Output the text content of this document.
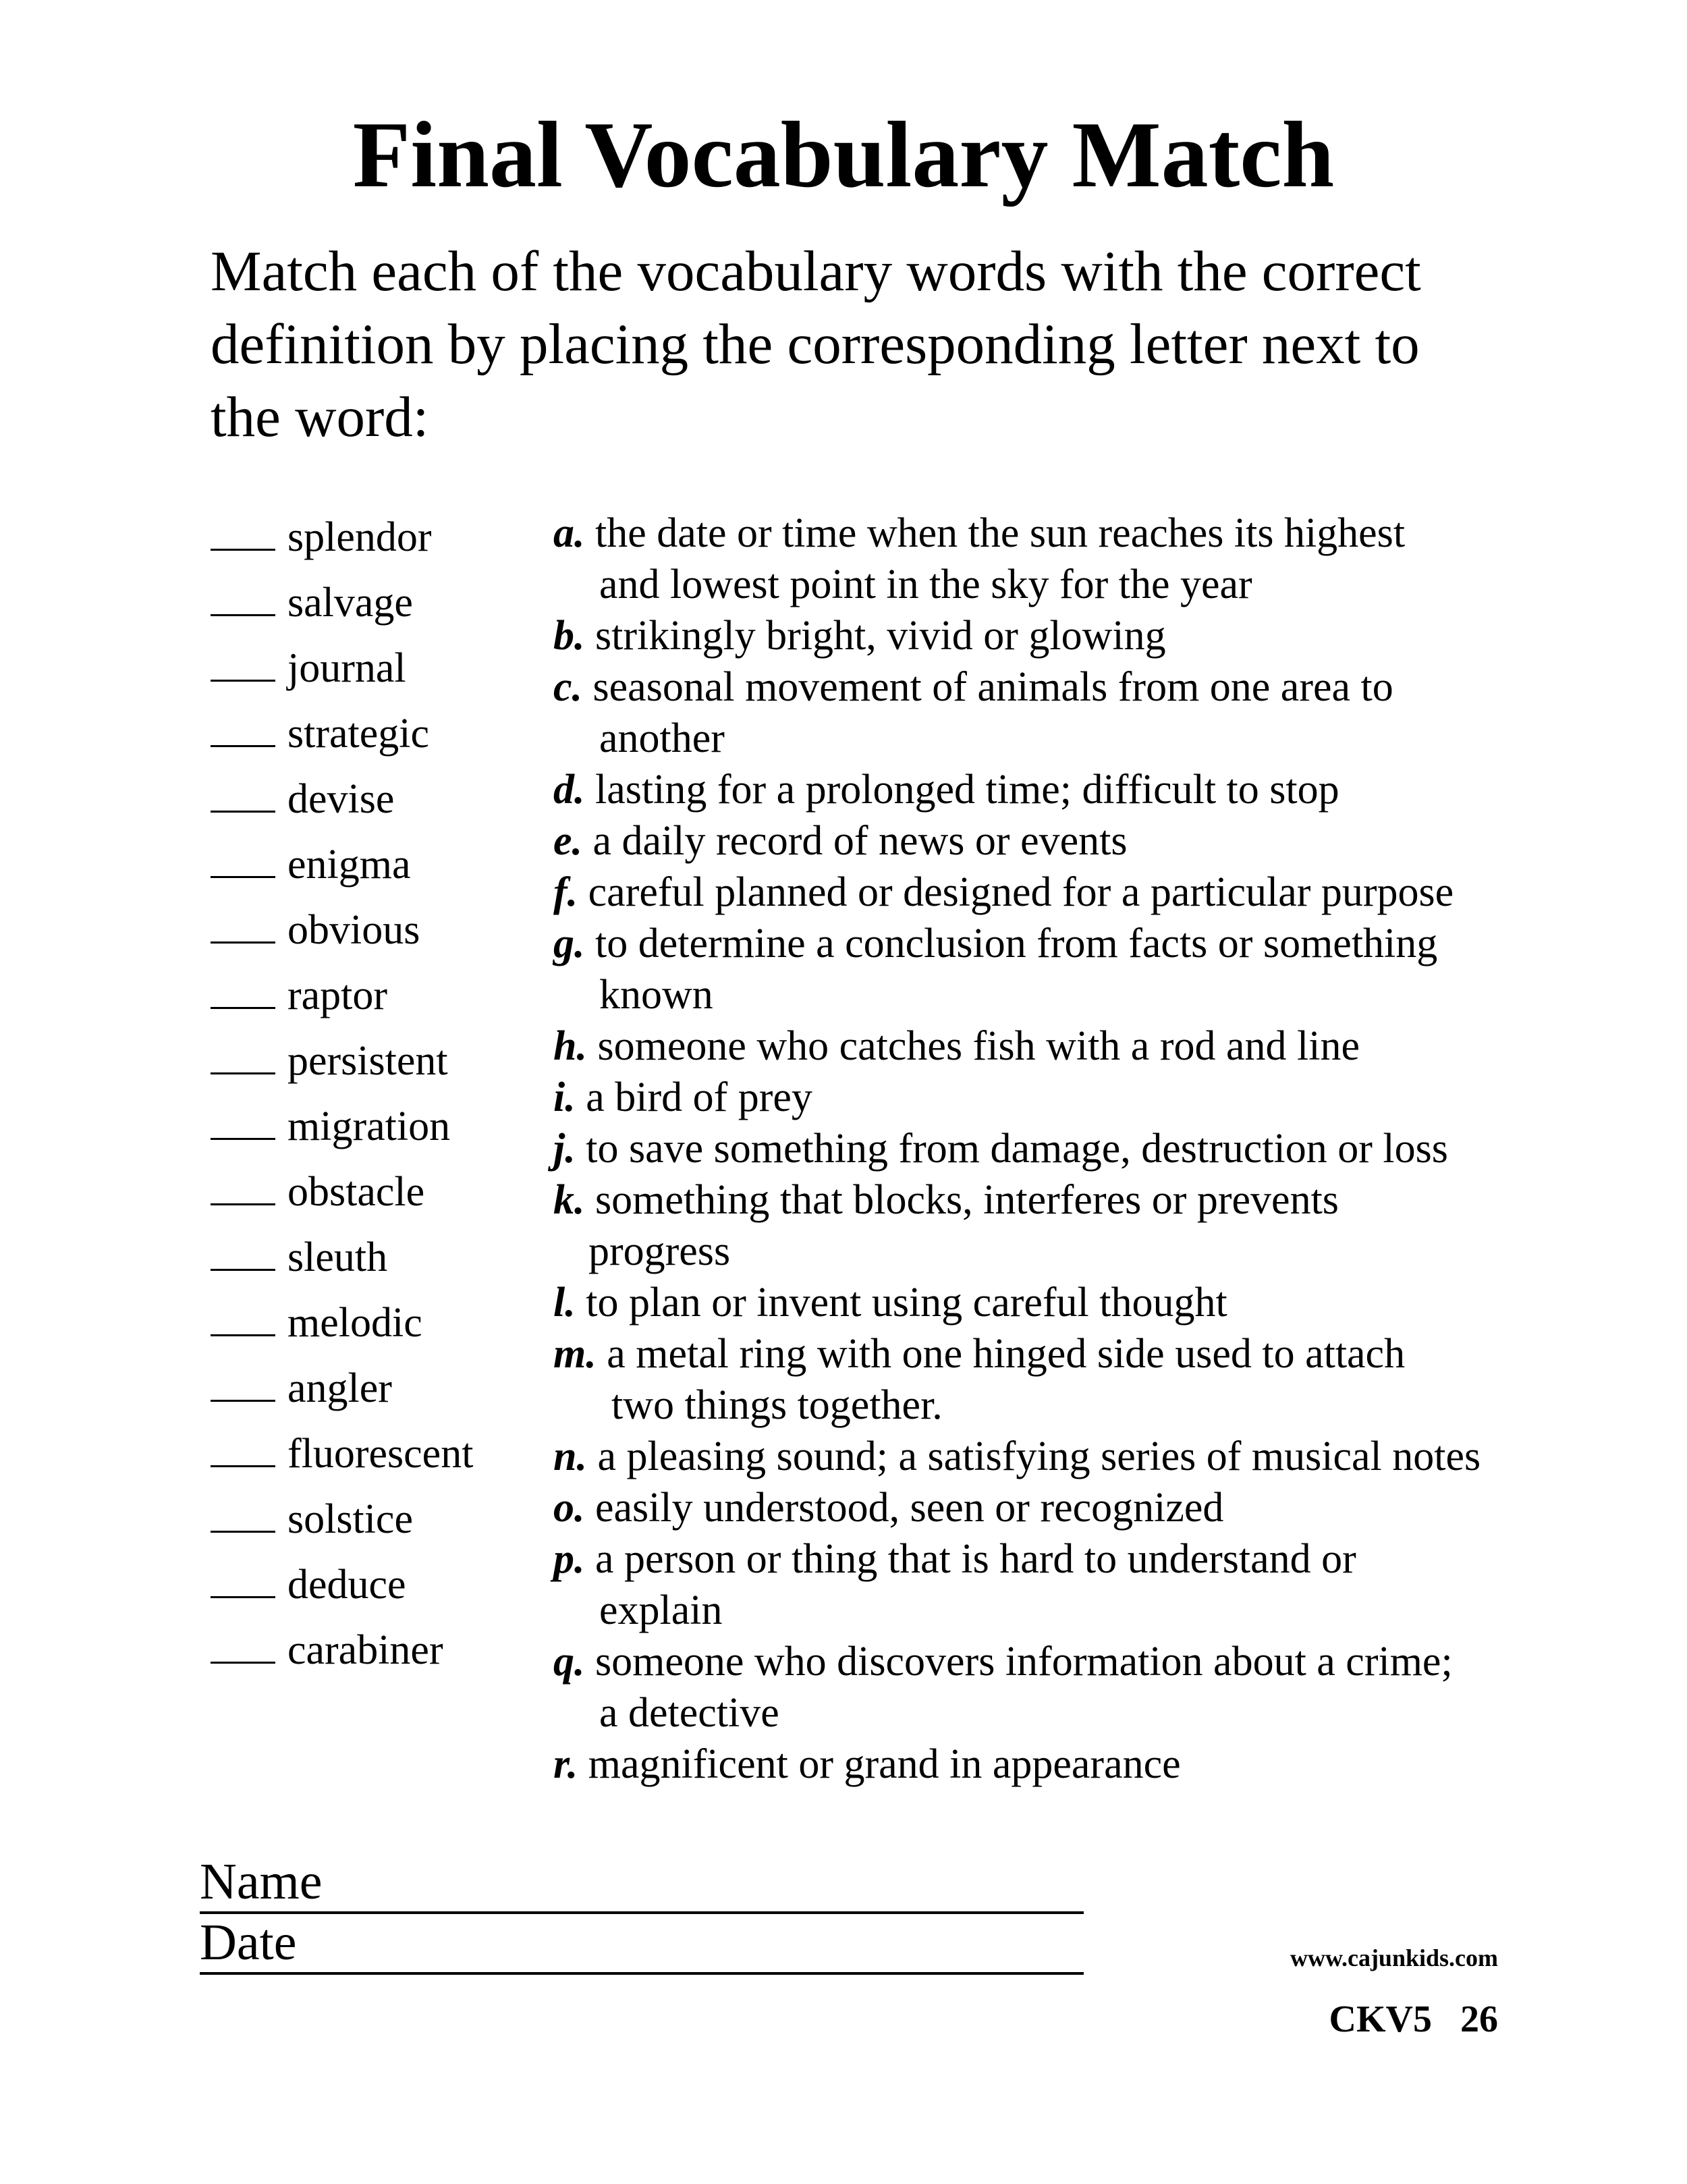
Final Vocabulary Match

Match each of the vocabulary words with the correct definition by placing the corresponding letter next to the word:

splendor
salvage
journal
strategic
devise
enigma
obvious
raptor
persistent
migration
obstacle
sleuth
melodic
angler
fluorescent
solstice
deduce
carabiner
a. the date or time when the sun reaches its highest
and lowest point in the sky for the year
b. strikingly bright, vivid or glowing
c. seasonal movement of animals from one area to
another
d. lasting for a prolonged time; difficult to stop
e. a daily record of news or events
f. careful planned or designed for a particular purpose
g. to determine a conclusion from facts or something
known
h. someone who catches fish with a rod and line
i. a bird of prey
j. to save something from damage, destruction or loss
k. something that blocks, interferes or prevents
progress
l. to plan or invent using careful thought
m. a metal ring with one hinged side used to attach
two things together.
n. a pleasing sound; a satisfying series of musical notes
o. easily understood, seen or recognized
p. a person or thing that is hard to understand or
explain
q. someone who discovers information about a crime;
a detective
r. magnificent or grand in appearance
Name
Date	www.cajunkids.com
CKV5   26
